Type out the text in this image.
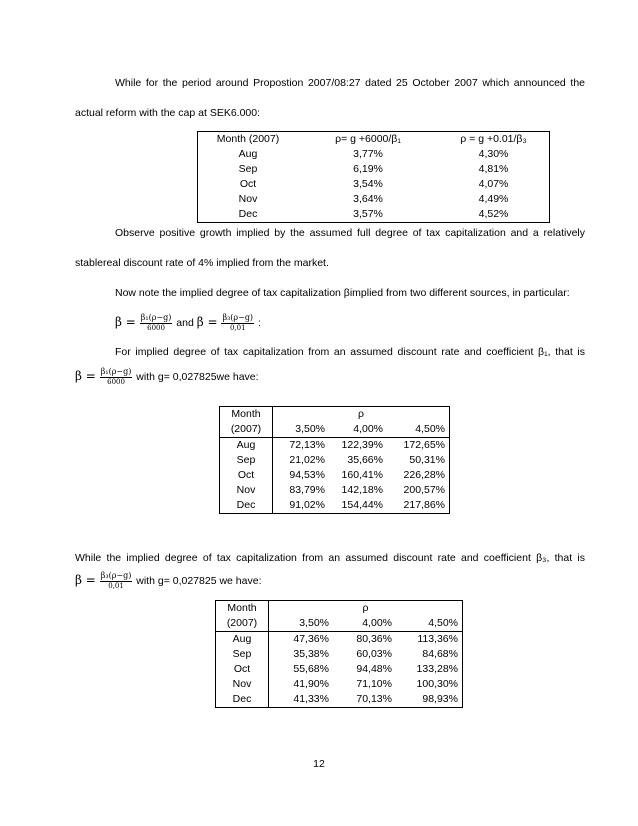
While for the period around Propostion 2007/08:27 dated 25 October 2007 which announced the
actual reform with the cap at SEK6.000:
Month (2007)	ρ= g +6000/β₁	ρ = g +0.01/β₃
Aug	3,77%	4,30%
Sep	6,19%	4,81%
Oct	3,54%	4,07%
Nov	3,64%	4,49%
Dec	3,57%	4,52%
Observe positive growth implied by the assumed full degree of tax capitalization and a relatively
stablereal discount rate of 4% implied from the market.
Now note the implied degree of tax capitalization βimplied from two different sources, in particular:
$\beta = \frac{\text{β₁(ρ−g)}}{6000}$ and $\beta = \frac{\text{β₃(ρ−g)}}{0,01}$ :
For implied degree of tax capitalization from an assumed discount rate and coefficient β₁, that is
$\beta = \frac{\text{β₁(ρ−g)}}{6000}$ with g= 0,027825we have:
Month	ρ		
(2007)	3,50%	4,00%	4,50%
Aug	72,13%	122,39%	172,65%
Sep	21,02%	35,66%	50,31%
Oct	94,53%	160,41%	226,28%
Nov	83,79%	142,18%	200,57%
Dec	91,02%	154,44%	217,86%
While the implied degree of tax capitalization from an assumed discount rate and coefficient β₃, that is
$\beta = \frac{\text{β₃(ρ−g)}}{0,01}$ with g= 0,027825 we have:
Month	ρ		
(2007)	3,50%	4,00%	4,50%
Aug	47,36%	80,36%	113,36%
Sep	35,38%	60,03%	84,68%
Oct	55,68%	94,48%	133,28%
Nov	41,90%	71,10%	100,30%
Dec	41,33%	70,13%	98,93%
12
